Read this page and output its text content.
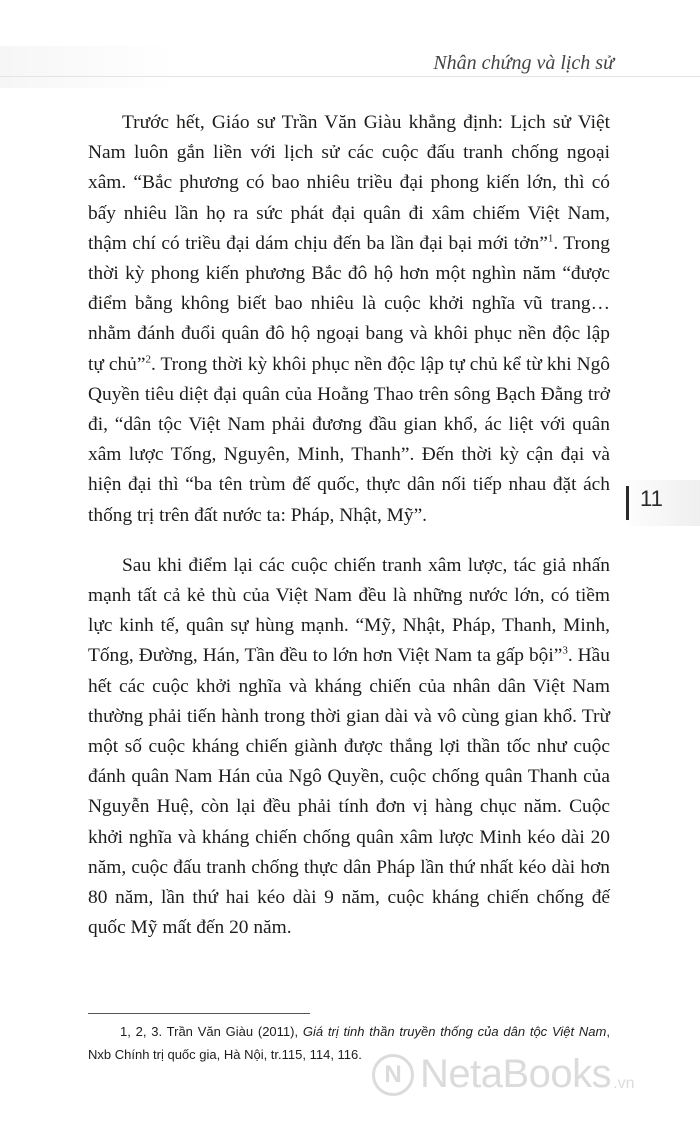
Nhân chứng và lịch sử
11

Trước hết, Giáo sư Trần Văn Giàu khẳng định: Lịch sử Việt Nam luôn gắn liền với lịch sử các cuộc đấu tranh chống ngoại xâm. “Bắc phương có bao nhiêu triều đại phong kiến lớn, thì có bấy nhiêu lần họ ra sức phát đại quân đi xâm chiếm Việt Nam, thậm chí có triều đại dám chịu đến ba lần đại bại mới tởn”$^1$. Trong thời kỳ phong kiến phương Bắc đô hộ hơn một nghìn năm “được điểm bằng không biết bao nhiêu là cuộc khởi nghĩa vũ trang… nhằm đánh đuổi quân đô hộ ngoại bang và khôi phục nền độc lập tự chủ”$^2$. Trong thời kỳ khôi phục nền độc lập tự chủ kể từ khi Ngô Quyền tiêu diệt đại quân của Hoằng Thao trên sông Bạch Đằng trở đi, “dân tộc Việt Nam phải đương đầu gian khổ, ác liệt với quân xâm lược Tống, Nguyên, Minh, Thanh”. Đến thời kỳ cận đại và hiện đại thì “ba tên trùm đế quốc, thực dân nối tiếp nhau đặt ách thống trị trên đất nước ta: Pháp, Nhật, Mỹ”.

Sau khi điểm lại các cuộc chiến tranh xâm lược, tác giả nhấn mạnh tất cả kẻ thù của Việt Nam đều là những nước lớn, có tiềm lực kinh tế, quân sự hùng mạnh. “Mỹ, Nhật, Pháp, Thanh, Minh, Tống, Đường, Hán, Tần đều to lớn hơn Việt Nam ta gấp bội”$^3$. Hầu hết các cuộc khởi nghĩa và kháng chiến của nhân dân Việt Nam thường phải tiến hành trong thời gian dài và vô cùng gian khổ. Trừ một số cuộc kháng chiến giành được thắng lợi thần tốc như cuộc đánh quân Nam Hán của Ngô Quyền, cuộc chống quân Thanh của Nguyễn Huệ, còn lại đều phải tính đơn vị hàng chục năm. Cuộc khởi nghĩa và kháng chiến chống quân xâm lược Minh kéo dài 20 năm, cuộc đấu tranh chống thực dân Pháp lần thứ nhất kéo dài hơn 80 năm, lần thứ hai kéo dài 9 năm, cuộc kháng chiến chống đế quốc Mỹ mất đến 20 năm.

1, 2, 3. Trần Văn Giàu (2011), Giá trị tinh thần truyền thống của dân tộc Việt Nam, Nxb Chính trị quốc gia, Hà Nội, tr.115, 114, 116.
N NetaBooks .vn
